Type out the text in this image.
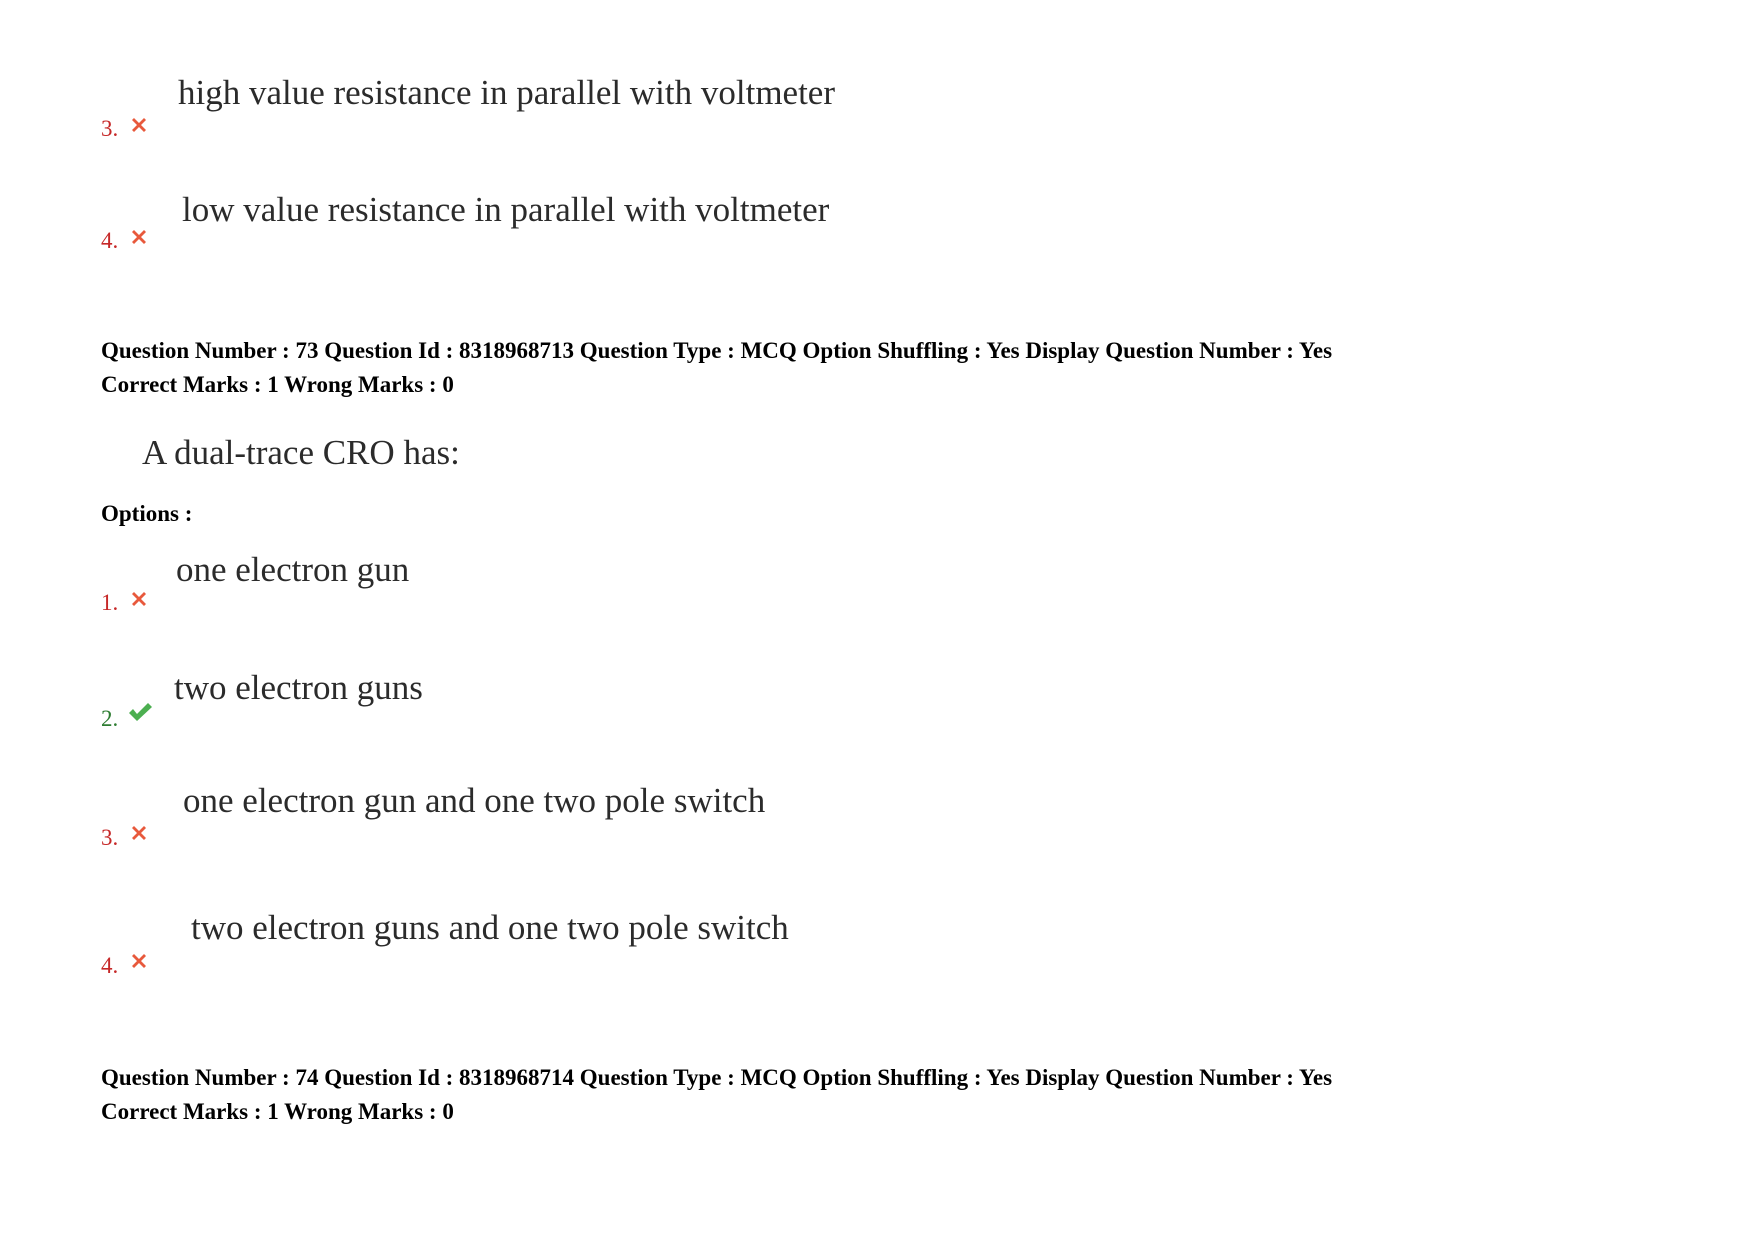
high value resistance in parallel with voltmeter
3.
low value resistance in parallel with voltmeter
4.
Question Number : 73 Question Id : 8318968713 Question Type : MCQ Option Shuffling : Yes Display Question Number : Yes
Correct Marks : 1 Wrong Marks : 0
A dual-trace CRO has:
Options :
one electron gun
1.
two electron guns
2.
one electron gun and one two pole switch
3.
two electron guns and one two pole switch
4.
Question Number : 74 Question Id : 8318968714 Question Type : MCQ Option Shuffling : Yes Display Question Number : Yes
Correct Marks : 1 Wrong Marks : 0
